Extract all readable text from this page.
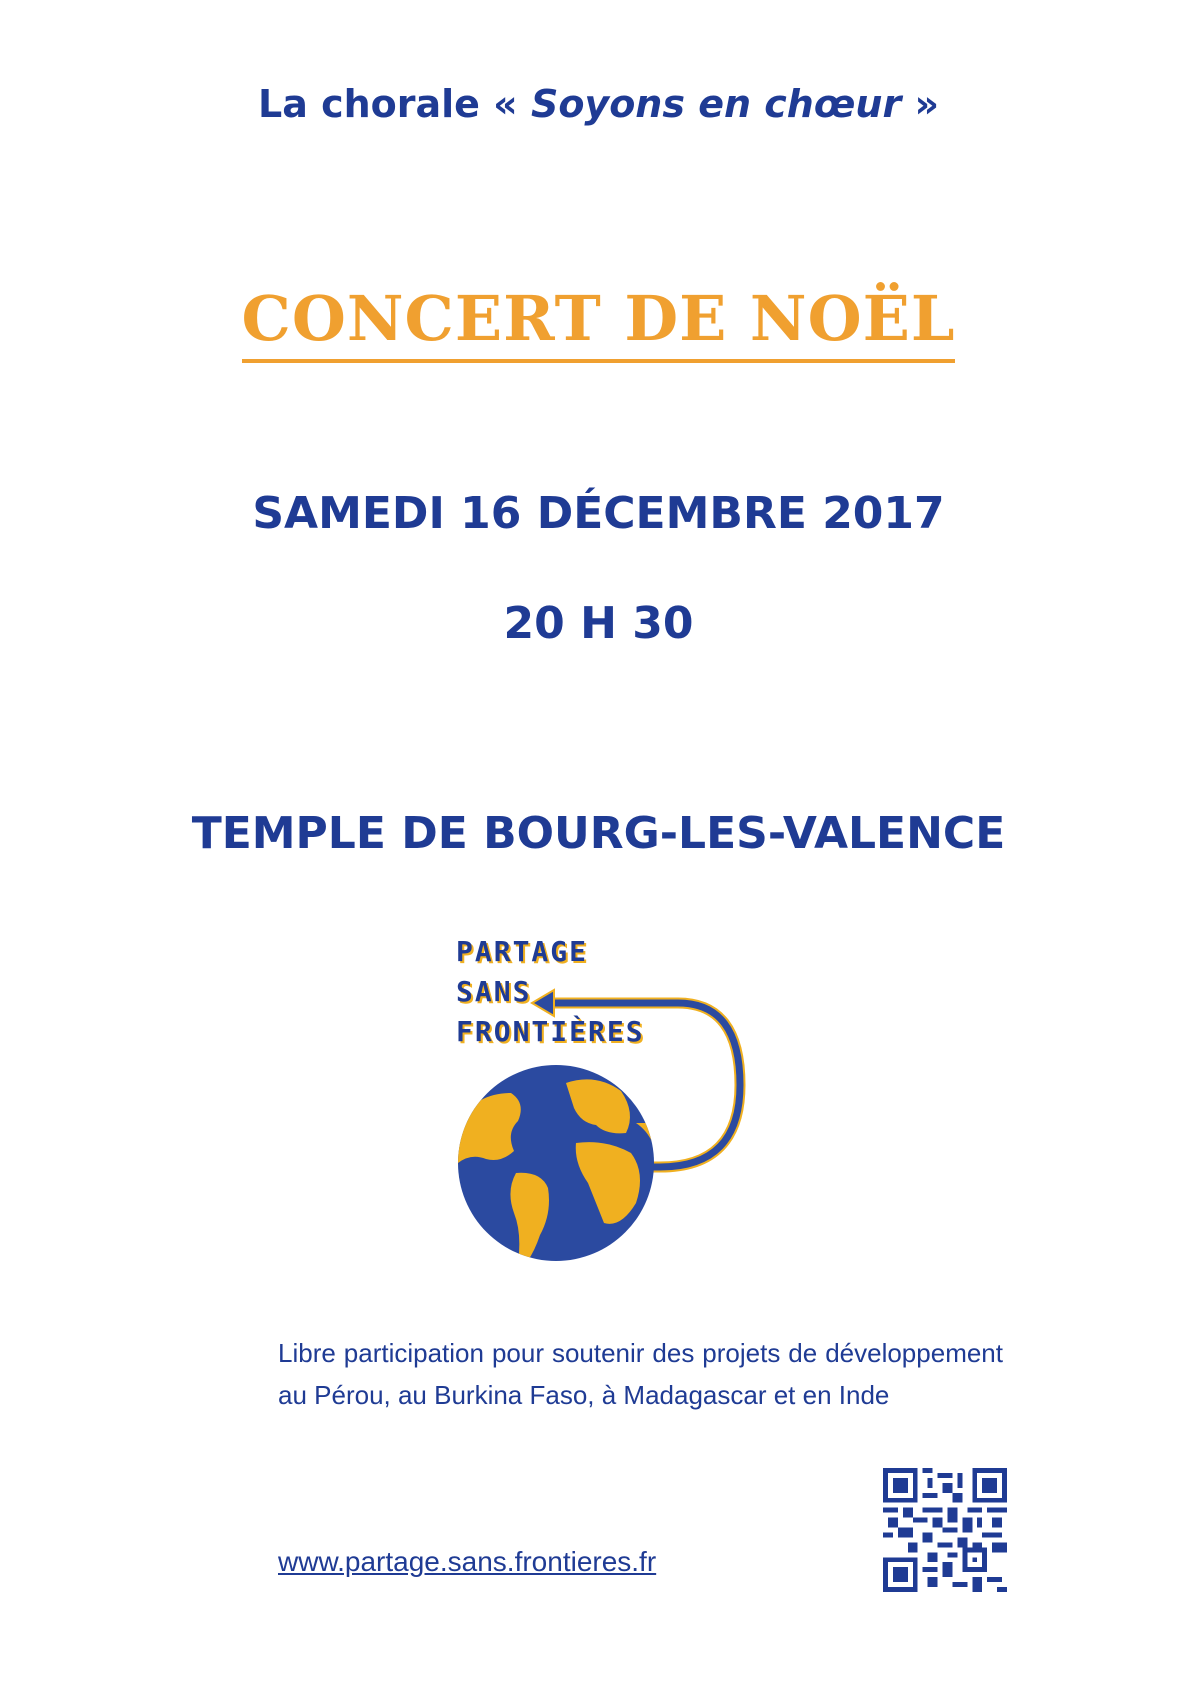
La chorale « Soyons en chœur »
CONCERT DE NOËL
SAMEDI 16 DÉCEMBRE 2017
20 H 30
TEMPLE DE BOURG-LES-VALENCE
PARTAGE
SANS
FRONTIÈRES
Libre participation pour soutenir des projets de développement au Pérou, au Burkina Faso, à Madagascar et en Inde
www.partage.sans.frontieres.fr
